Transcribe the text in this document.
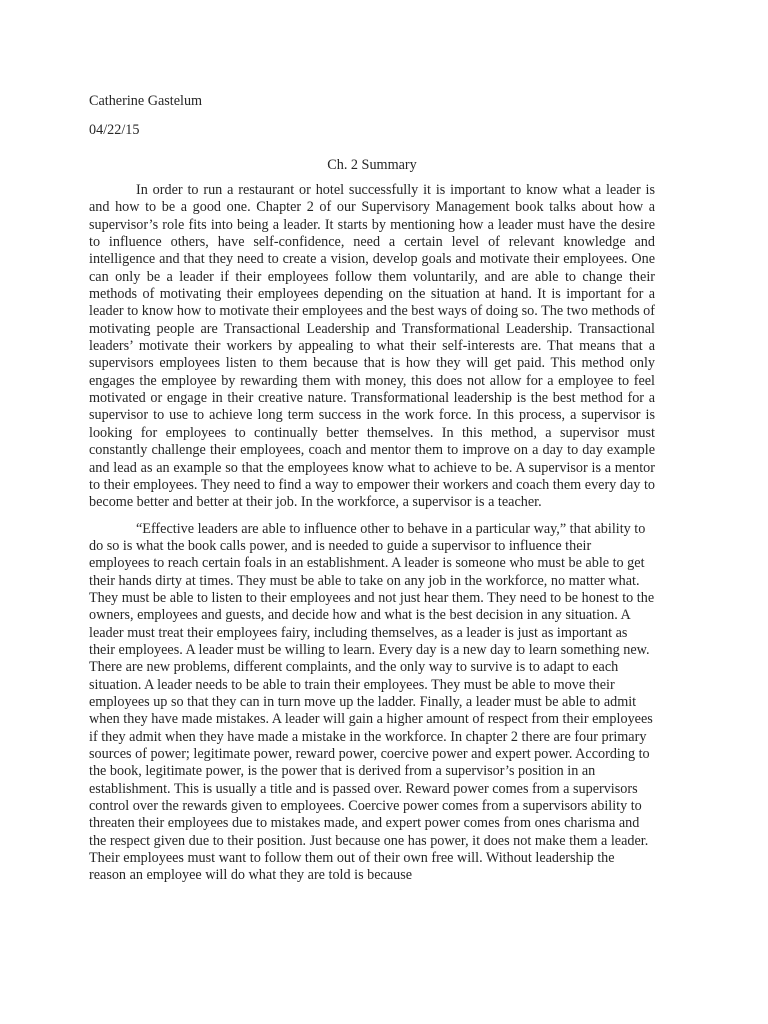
Catherine Gastelum

04/22/15

Ch. 2 Summary

In order to run a restaurant or hotel successfully it is important to know what a leader is and how to be a good one. Chapter 2 of our Supervisory Management book talks about how a supervisor’s role fits into being a leader. It starts by mentioning how a leader must have the desire to influence others, have self-confidence, need a certain level of relevant knowledge and intelligence and that they need to create a vision, develop goals and motivate their employees. One can only be a leader if their employees follow them voluntarily, and are able to change their methods of motivating their employees depending on the situation at hand. It is important for a leader to know how to motivate their employees and the best ways of doing so. The two methods of motivating people are Transactional Leadership and Transformational Leadership. Transactional leaders’ motivate their workers by appealing to what their self-interests are. That means that a supervisors employees listen to them because that is how they will get paid. This method only engages the employee by rewarding them with money, this does not allow for a employee to feel motivated or engage in their creative nature. Transformational leadership is the best method for a supervisor to use to achieve long term success in the work force. In this process, a supervisor is looking for employees to continually better themselves. In this method, a supervisor must constantly challenge their employees, coach and mentor them to improve on a day to day example and lead as an example so that the employees know what to achieve to be. A supervisor is a mentor to their employees. They need to find a way to empower their workers and coach them every day to become better and better at their job. In the workforce, a supervisor is a teacher.

“Effective leaders are able to influence other to behave in a particular way,” that ability to do so is what the book calls power, and is needed to guide a supervisor to influence their employees to reach certain foals in an establishment. A leader is someone who must be able to get their hands dirty at times. They must be able to take on any job in the workforce, no matter what. They must be able to listen to their employees and not just hear them. They need to be honest to the owners, employees and guests, and decide how and what is the best decision in any situation. A leader must treat their employees fairy, including themselves, as a leader is just as important as their employees. A leader must be willing to learn. Every day is a new day to learn something new. There are new problems, different complaints, and the only way to survive is to adapt to each situation. A leader needs to be able to train their employees. They must be able to move their employees up so that they can in turn move up the ladder. Finally, a leader must be able to admit when they have made mistakes. A leader will gain a higher amount of respect from their employees if they admit when they have made a mistake in the workforce. In chapter 2 there are four primary sources of power; legitimate power, reward power, coercive power and expert power. According to the book, legitimate power, is the power that is derived from a supervisor’s position in an establishment. This is usually a title and is passed over. Reward power comes from a supervisors control over the rewards given to employees. Coercive power comes from a supervisors ability to threaten their employees due to mistakes made, and expert power comes from ones charisma and the respect given due to their position. Just because one has power, it does not make them a leader. Their employees must want to follow them out of their own free will. Without leadership the reason an employee will do what they are told is because
